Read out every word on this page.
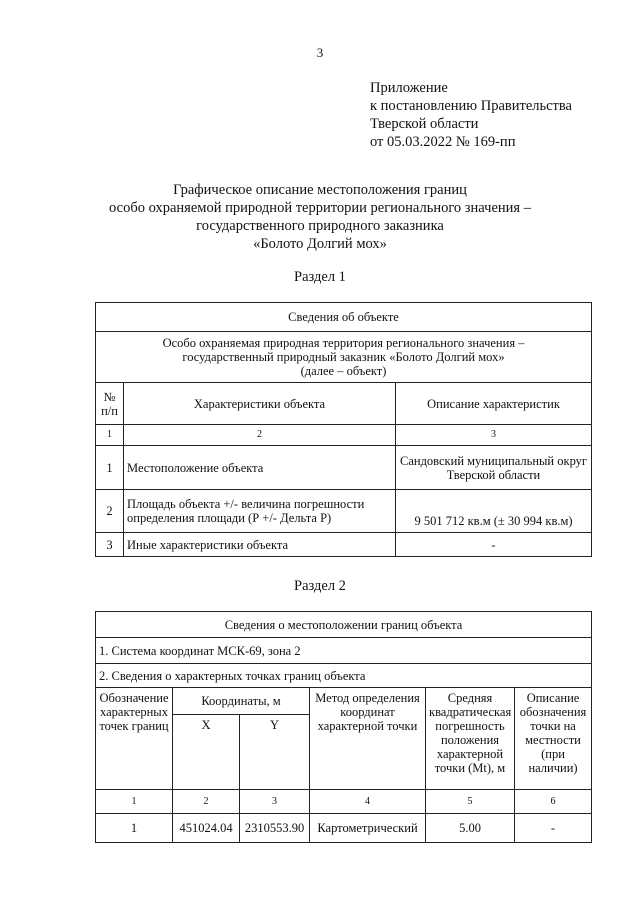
3
Приложение
к постановлению Правительства
Тверской области
от 05.03.2022 № 169-пп
Графическое описание местоположения границ
особо охраняемой природной территории регионального значения –
государственного природного заказника
«Болото Долгий мох»
Раздел 1
Сведения об объекте		

Особо охраняемая природная территория регионального значения –
государственный природный заказник «Болото Долгий мох»
(далее – объект)		

№ п/п	Характеристики объекта	Описание характеристик
1	2	3
1	Местоположение объекта	Сандовский муниципальный округ Тверской области
2	Площадь объекта +/- величина погрешности определения площади (Р +/- Дельта Р)	9 501 712 кв.м (± 30 994 кв.м)
3	Иные характеристики объекта	-
Раздел 2
Сведения о местоположении границ объекта					
1. Система координат МСК-69, зона 2					
2. Сведения о характерных точках границ объекта					
Обозначение характерных точек границ	Координаты, м		Метод определения координат характерной точки	Средняя квадратическая погрешность положения характерной точки (Mt), м	Описание обозначения точки на местности (при наличии)
	X	Y			
1	2	3	4	5	6
1	451024.04	2310553.90	Картометрический	5.00	-
